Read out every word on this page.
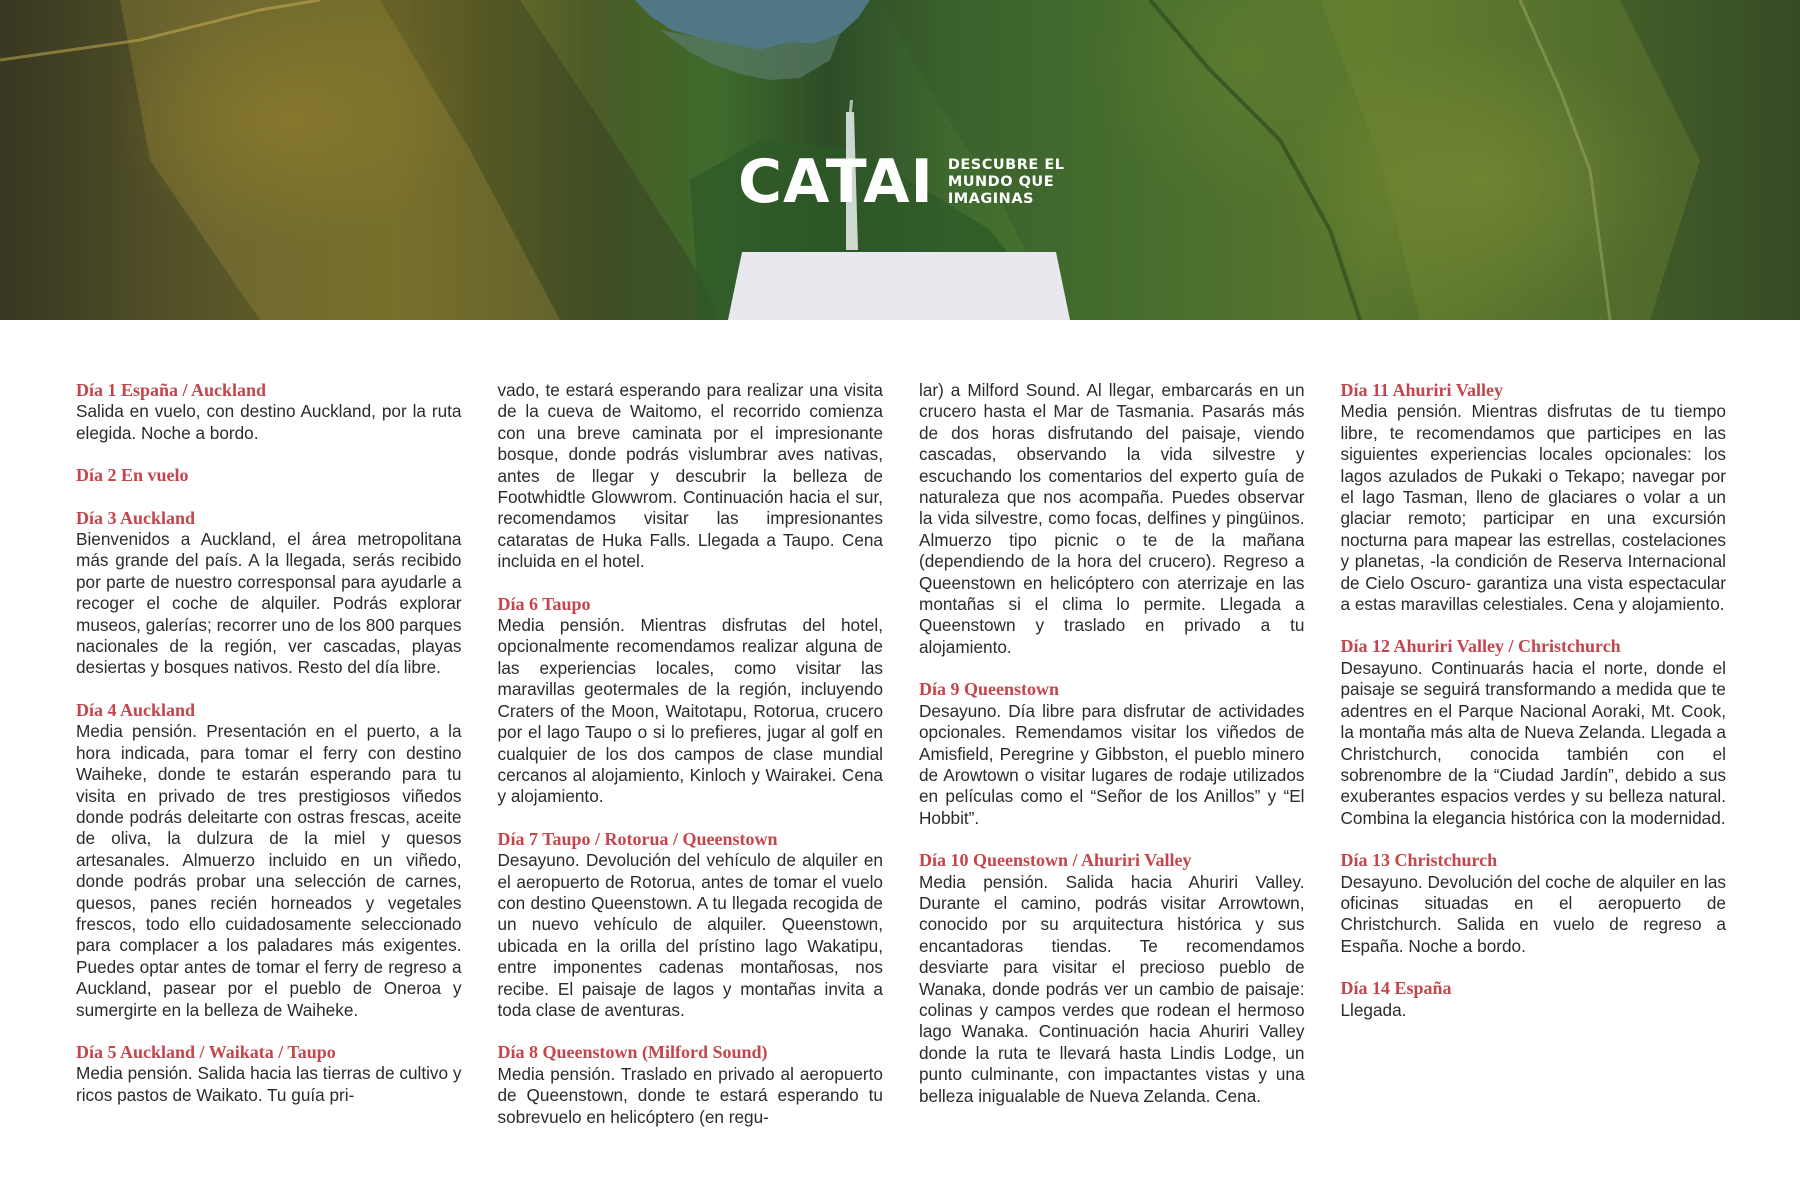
CATAI DESCUBRE EL
MUNDO QUE
IMAGINAS
Día 1 España / Auckland

Salida en vuelo, con destino Auckland, por la ruta elegida. Noche a bordo.

Día 2 En vuelo
Día 3 Auckland

Bienvenidos a Auckland, el área metropolitana más grande del país. A la llegada, serás recibido por parte de nuestro corresponsal para ayudarle a recoger el coche de alquiler. Podrás explorar museos, galerías; recorrer uno de los 800 parques nacionales de la región, ver cascadas, playas desiertas y bosques nativos. Resto del día libre.

Día 4 Auckland

Media pensión. Presentación en el puerto, a la hora indicada, para tomar el ferry con destino Waiheke, donde te estarán esperando para tu visita en privado de tres prestigiosos viñedos donde podrás deleitarte con ostras frescas, aceite de oliva, la dulzura de la miel y quesos artesanales. Almuerzo incluido en un viñedo, donde podrás probar una selección de carnes, quesos, panes recién horneados y vegetales frescos, todo ello cuidadosamente seleccionado para complacer a los paladares más exigentes. Puedes optar antes de tomar el ferry de regreso a Auckland, pasear por el pueblo de Oneroa y sumergirte en la belleza de Waiheke.

Día 5 Auckland / Waikata / Taupo

Media pensión. Salida hacia las tierras de cultivo y ricos pastos de Waikato. Tu guía pri-

vado, te estará esperando para realizar una visita de la cueva de Waitomo, el recorrido comienza con una breve caminata por el impresionante bosque, donde podrás vislumbrar aves nativas, antes de llegar y descubrir la belleza de Footwhidtle Glowwrom. Continuación hacia el sur, recomendamos visitar las impresionantes cataratas de Huka Falls. Llegada a Taupo. Cena incluida en el hotel.

Día 6 Taupo

Media pensión. Mientras disfrutas del hotel, opcionalmente recomendamos realizar alguna de las experiencias locales, como visitar las maravillas geotermales de la región, incluyendo Craters of the Moon, Waitotapu, Rotorua, crucero por el lago Taupo o si lo prefieres, jugar al golf en cualquier de los dos campos de clase mundial cercanos al alojamiento, Kinloch y Wairakei. Cena y alojamiento.

Día 7 Taupo / Rotorua / Queenstown

Desayuno. Devolución del vehículo de alquiler en el aeropuerto de Rotorua, antes de tomar el vuelo con destino Queenstown. A tu llegada recogida de un nuevo vehículo de alquiler. Queenstown, ubicada en la orilla del prístino lago Wakatipu, entre imponentes cadenas montañosas, nos recibe. El paisaje de lagos y montañas invita a toda clase de aventuras.

Día 8 Queenstown (Milford Sound)

Media pensión. Traslado en privado al aeropuerto de Queenstown, donde te estará esperando tu sobrevuelo en helicóptero (en regu-

lar) a Milford Sound. Al llegar, embarcarás en un crucero hasta el Mar de Tasmania. Pasarás más de dos horas disfrutando del paisaje, viendo cascadas, observando la vida silvestre y escuchando los comentarios del experto guía de naturaleza que nos acompaña. Puedes observar la vida silvestre, como focas, delfines y pingüinos. Almuerzo tipo picnic o te de la mañana (dependiendo de la hora del crucero). Regreso a Queenstown en helicóptero con aterrizaje en las montañas si el clima lo permite. Llegada a Queenstown y traslado en privado a tu alojamiento.

Día 9 Queenstown

Desayuno. Día libre para disfrutar de actividades opcionales. Remendamos visitar los viñedos de Amisfield, Peregrine y Gibbston, el pueblo minero de Arowtown o visitar lugares de rodaje utilizados en películas como el “Señor de los Anillos” y “El Hobbit”.

Día 10 Queenstown / Ahuriri Valley

Media pensión. Salida hacia Ahuriri Valley. Durante el camino, podrás visitar Arrowtown, conocido por su arquitectura histórica y sus encantadoras tiendas. Te recomendamos desviarte para visitar el precioso pueblo de Wanaka, donde podrás ver un cambio de paisaje: colinas y campos verdes que rodean el hermoso lago Wanaka. Continuación hacia Ahuriri Valley donde la ruta te llevará hasta Lindis Lodge, un punto culminante, con impactantes vistas y una belleza inigualable de Nueva Zelanda. Cena.

Día 11 Ahuriri Valley

Media pensión. Mientras disfrutas de tu tiempo libre, te recomendamos que participes en las siguientes experiencias locales opcionales: los lagos azulados de Pukaki o Tekapo; navegar por el lago Tasman, lleno de glaciares o volar a un glaciar remoto; participar en una excursión nocturna para mapear las estrellas, costelaciones y planetas, -la condición de Reserva Internacional de Cielo Oscuro- garantiza una vista espectacular a estas maravillas celestiales. Cena y alojamiento.

Día 12 Ahuriri Valley / Christchurch

Desayuno. Continuarás hacia el norte, donde el paisaje se seguirá transformando a medida que te adentres en el Parque Nacional Aoraki, Mt. Cook, la montaña más alta de Nueva Zelanda. Llegada a Christchurch, conocida también con el sobrenombre de la “Ciudad Jardín”, debido a sus exuberantes espacios verdes y su belleza natural. Combina la elegancia histórica con la modernidad.

Día 13 Christchurch

Desayuno. Devolución del coche de alquiler en las oficinas situadas en el aeropuerto de Christchurch. Salida en vuelo de regreso a España. Noche a bordo.

Día 14 España

Llegada.
